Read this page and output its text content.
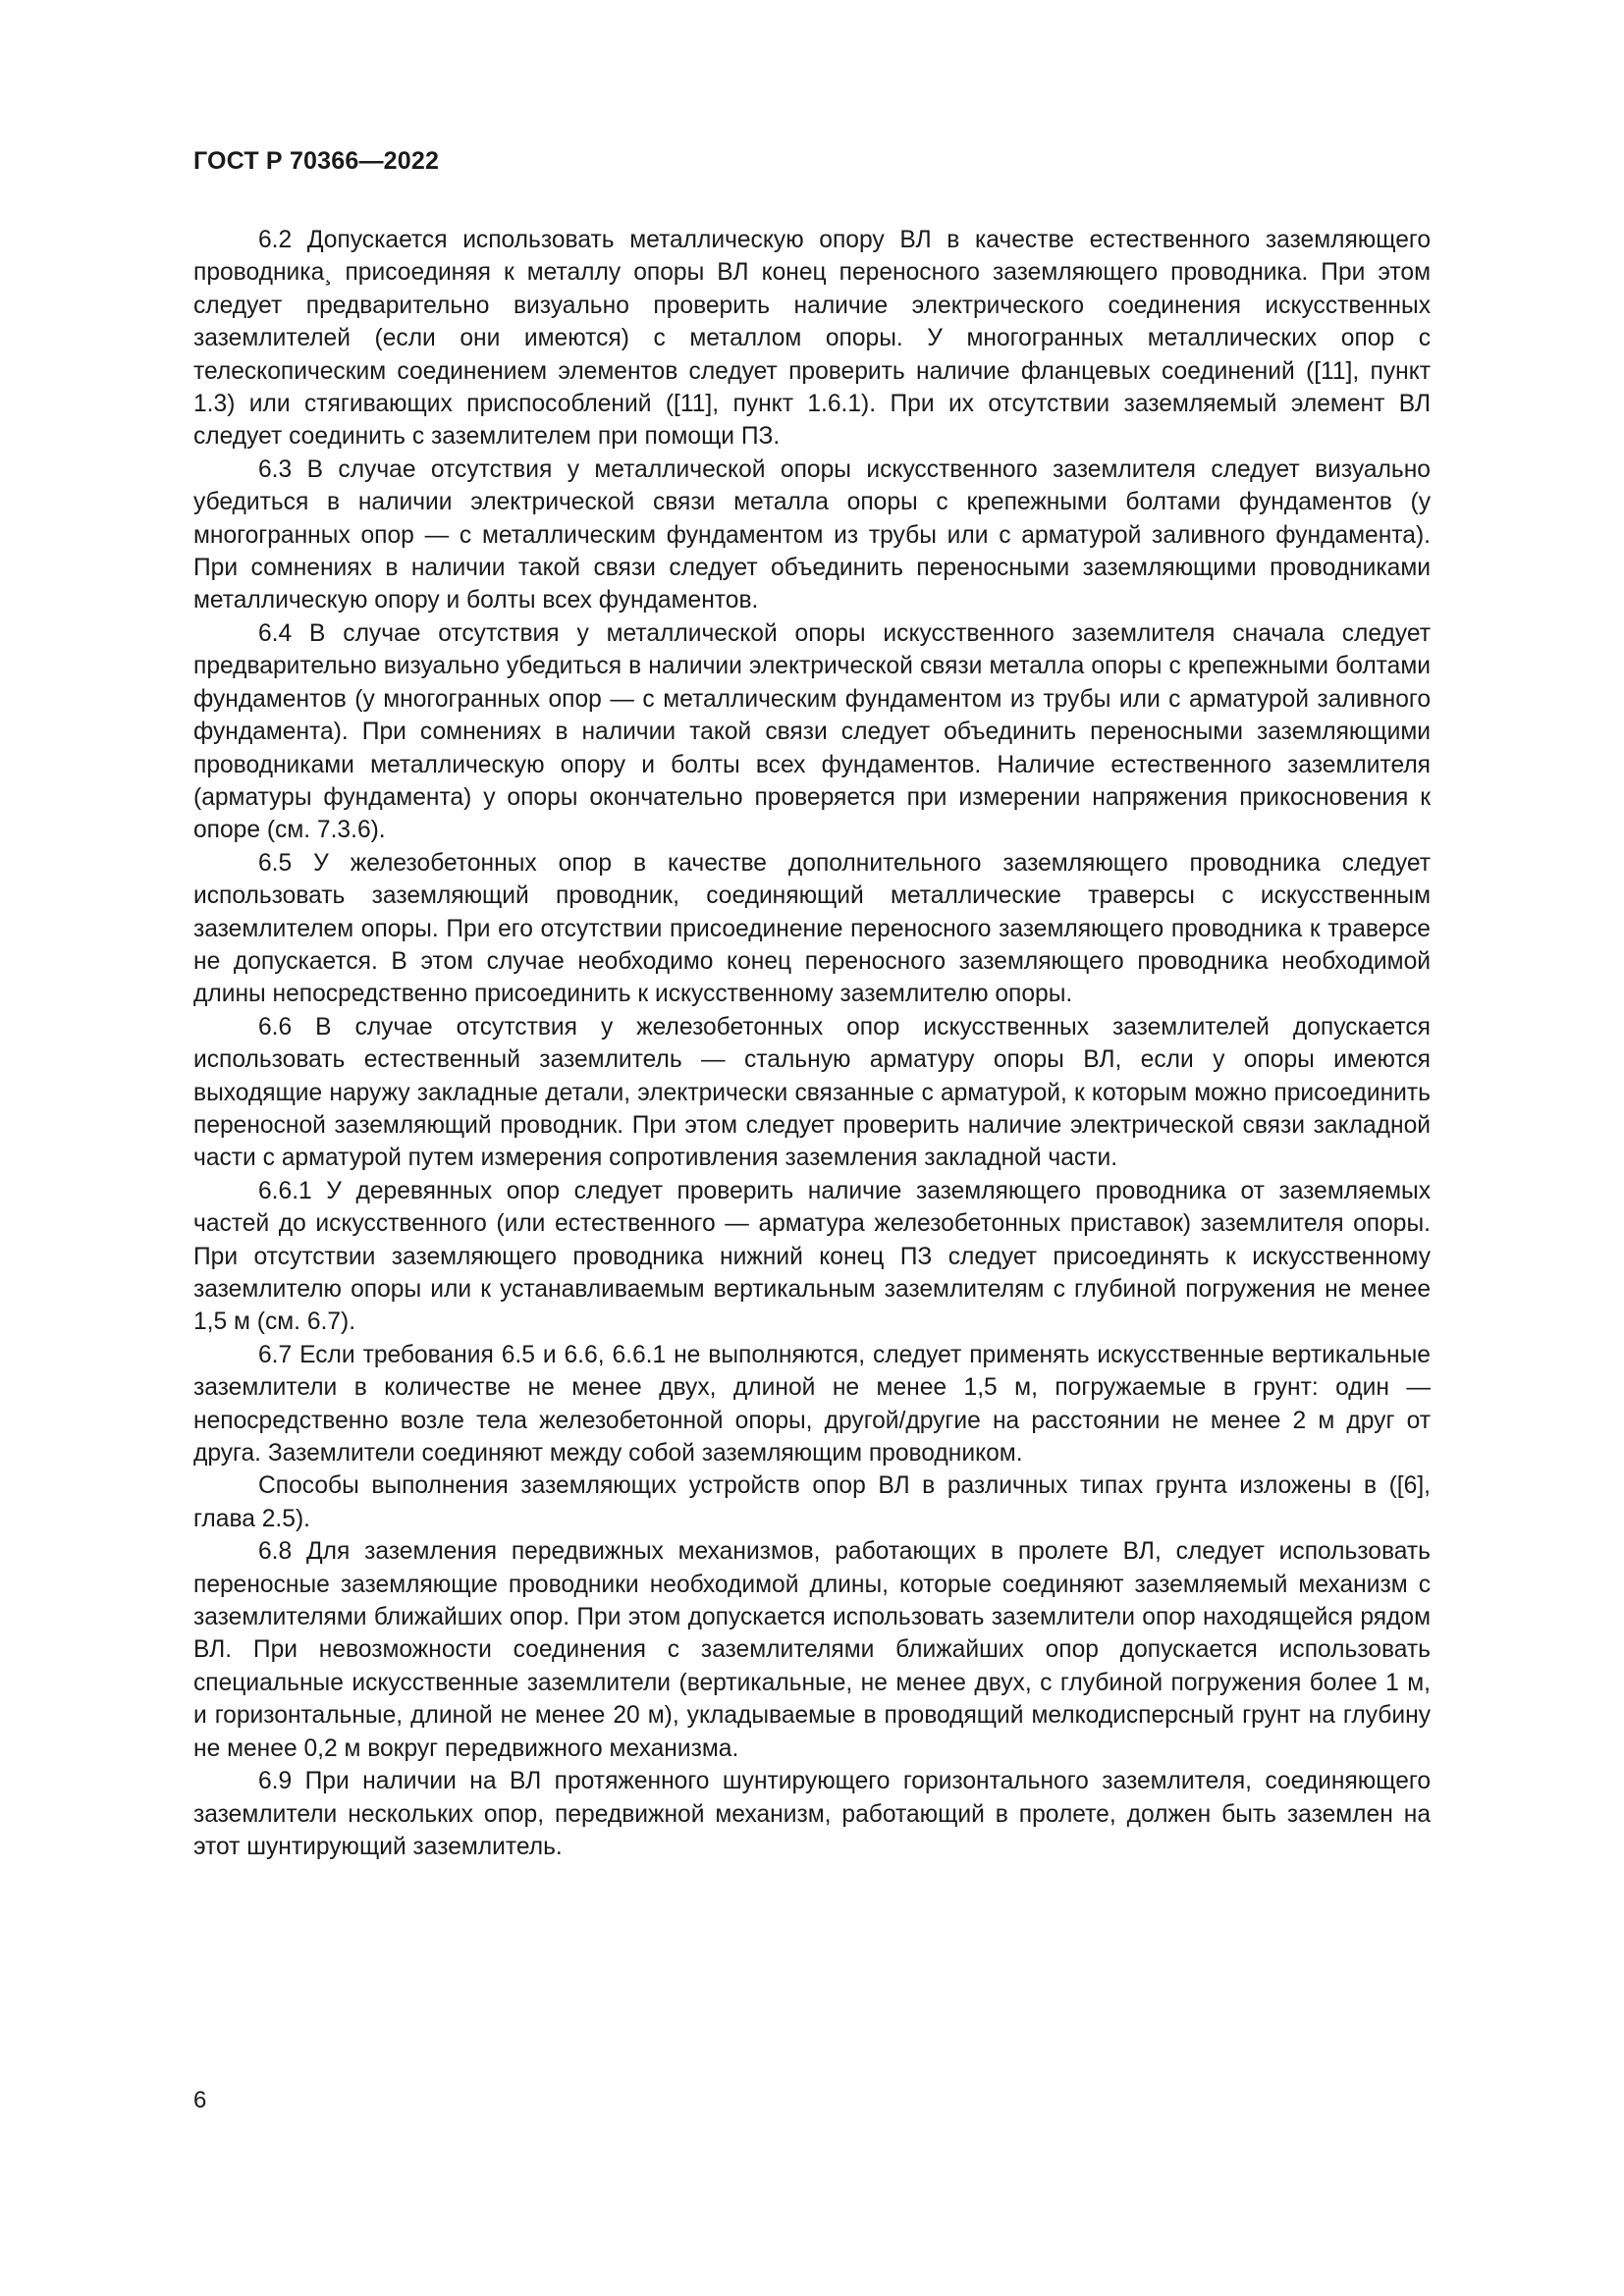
ГОСТ Р 70366—2022

6.2 Допускается использовать металлическую опору ВЛ в качестве естественного заземляющего проводника¸ присоединяя к металлу опоры ВЛ конец переносного заземляющего проводника. При этом следует предварительно визуально проверить наличие электрического соединения искусственных заземлителей (если они имеются) с металлом опоры. У многогранных металлических опор с телескопическим соединением элементов следует проверить наличие фланцевых соединений ([11], пункт 1.3) или стягивающих приспособлений ([11], пункт 1.6.1). При их отсутствии заземляемый элемент ВЛ следует соединить с заземлителем при помощи ПЗ.

6.3 В случае отсутствия у металлической опоры искусственного заземлителя следует визуально убедиться в наличии электрической связи металла опоры с крепежными болтами фундаментов (у многогранных опор — с металлическим фундаментом из трубы или с арматурой заливного фундамента). При сомнениях в наличии такой связи следует объединить переносными заземляющими проводниками металлическую опору и болты всех фундаментов.

6.4 В случае отсутствия у металлической опоры искусственного заземлителя сначала следует предварительно визуально убедиться в наличии электрической связи металла опоры с крепежными болтами фундаментов (у многогранных опор — с металлическим фундаментом из трубы или с арматурой заливного фундамента). При сомнениях в наличии такой связи следует объединить переносными заземляющими проводниками металлическую опору и болты всех фундаментов. Наличие естественного заземлителя (арматуры фундамента) у опоры окончательно проверяется при измерении напряжения прикосновения к опоре (см. 7.3.6).

6.5 У железобетонных опор в качестве дополнительного заземляющего проводника следует использовать заземляющий проводник, соединяющий металлические траверсы с искусственным заземлителем опоры. При его отсутствии присоединение переносного заземляющего проводника к траверсе не допускается. В этом случае необходимо конец переносного заземляющего проводника необходимой длины непосредственно присоединить к искусственному заземлителю опоры.

6.6 В случае отсутствия у железобетонных опор искусственных заземлителей допускается использовать естественный заземлитель — стальную арматуру опоры ВЛ, если у опоры имеются выходящие наружу закладные детали, электрически связанные с арматурой, к которым можно присоединить переносной заземляющий проводник. При этом следует проверить наличие электрической связи закладной части с арматурой путем измерения сопротивления заземления закладной части.

6.6.1 У деревянных опор следует проверить наличие заземляющего проводника от заземляемых частей до искусственного (или естественного — арматура железобетонных приставок) заземлителя опоры. При отсутствии заземляющего проводника нижний конец ПЗ следует присоединять к искусственному заземлителю опоры или к устанавливаемым вертикальным заземлителям с глубиной погружения не менее 1,5 м (см. 6.7).

6.7 Если требования 6.5 и 6.6, 6.6.1 не выполняются, следует применять искусственные вертикальные заземлители в количестве не менее двух, длиной не менее 1,5 м, погружаемые в грунт: один — непосредственно возле тела железобетонной опоры, другой/другие на расстоянии не менее 2 м друг от друга. Заземлители соединяют между собой заземляющим проводником.

Способы выполнения заземляющих устройств опор ВЛ в различных типах грунта изложены в ([6], глава 2.5).

6.8 Для заземления передвижных механизмов, работающих в пролете ВЛ, следует использовать переносные заземляющие проводники необходимой длины, которые соединяют заземляемый механизм с заземлителями ближайших опор. При этом допускается использовать заземлители опор находящейся рядом ВЛ. При невозможности соединения с заземлителями ближайших опор допускается использовать специальные искусственные заземлители (вертикальные, не менее двух, с глубиной погружения более 1 м, и горизонтальные, длиной не менее 20 м), укладываемые в проводящий мелкодисперсный грунт на глубину не менее 0,2 м вокруг передвижного механизма.

6.9 При наличии на ВЛ протяженного шунтирующего горизонтального заземлителя, соединяющего заземлители нескольких опор, передвижной механизм, работающий в пролете, должен быть заземлен на этот шунтирующий заземлитель.

6
